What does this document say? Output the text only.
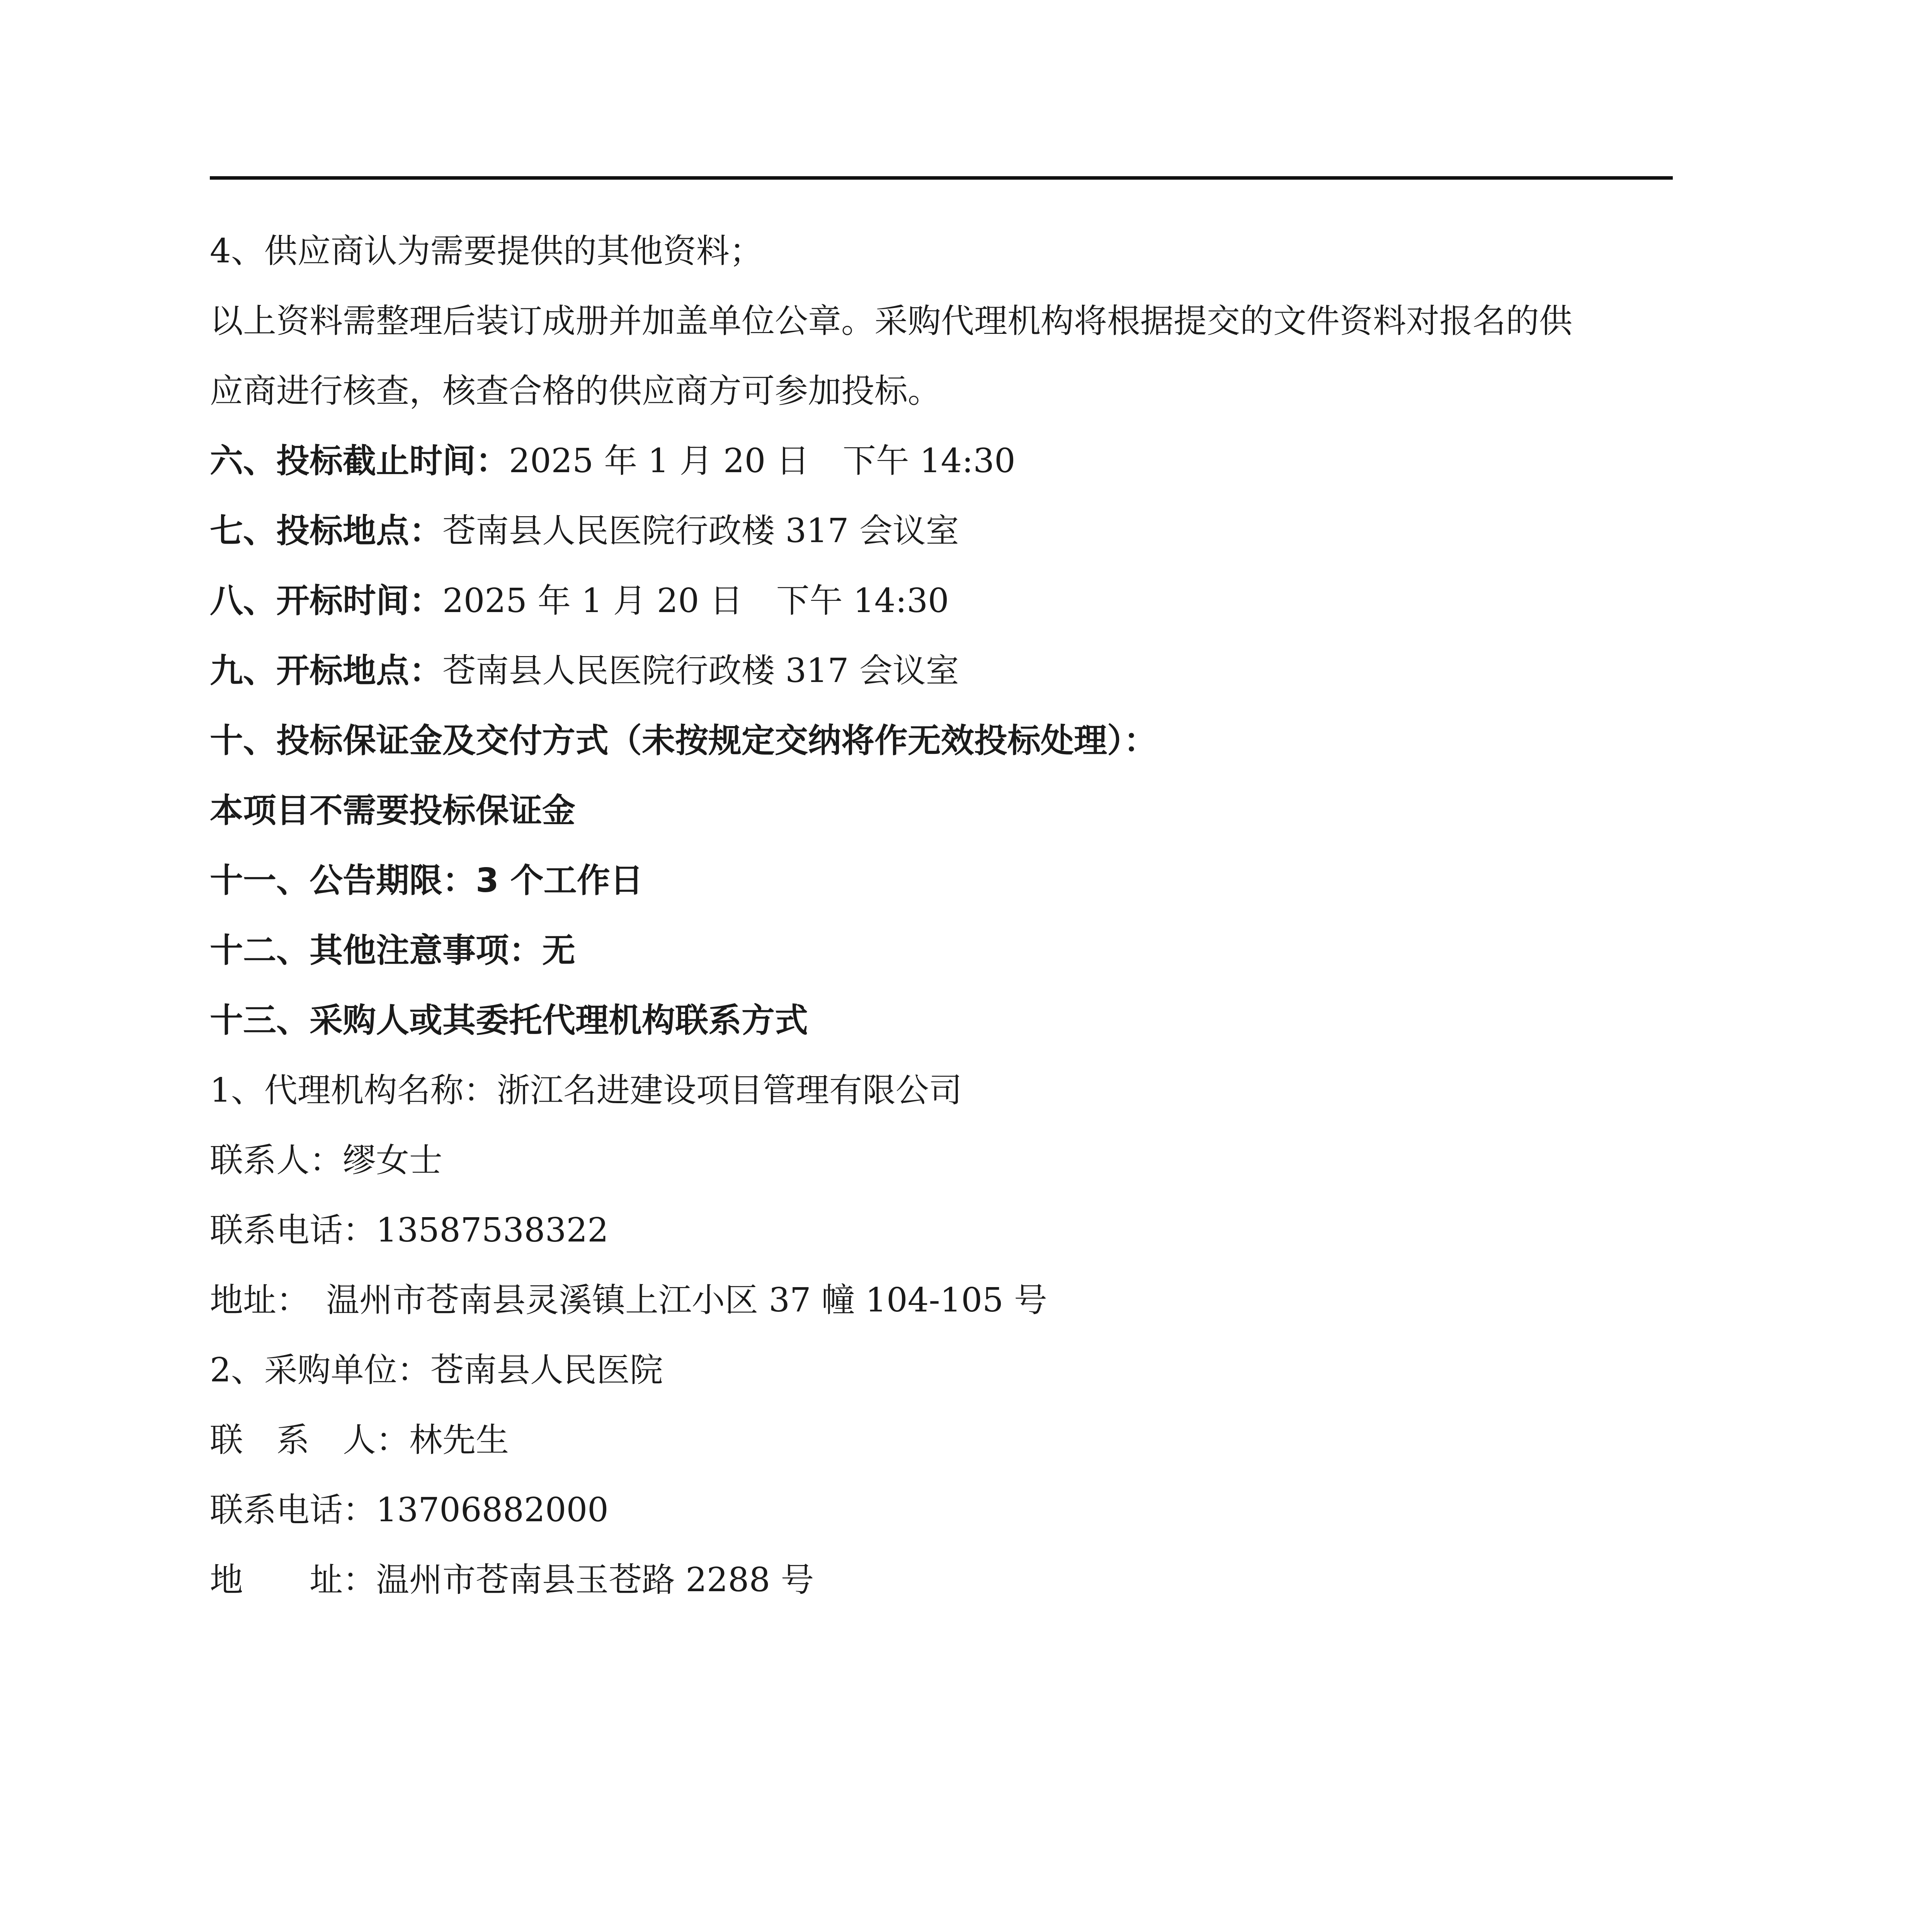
4、供应商认为需要提供的其他资料；
以上资料需整理后装订成册并加盖单位公章。采购代理机构将根据提交的文件资料对报名的供
应商进行核查，核查合格的供应商方可参加投标。
六、投标截止时间：2025 年 1 月 20 日　下午 14:30
七、投标地点：苍南县人民医院行政楼 317 会议室
八、开标时间：2025 年 1 月 20 日　下午 14:30
九、开标地点：苍南县人民医院行政楼 317 会议室
十、投标保证金及交付方式（未按规定交纳将作无效投标处理）：
本项目不需要投标保证金
十一、公告期限：3 个工作日
十二、其他注意事项：无
十三、采购人或其委托代理机构联系方式
1、代理机构名称：浙江名进建设项目管理有限公司
联系人：缪女士
联系电话：13587538322
地址：　温州市苍南县灵溪镇上江小区 37 幢 104-105 号
2、采购单位：苍南县人民医院
联　系　人：林先生
联系电话：13706882000
地　　址：温州市苍南县玉苍路 2288 号
